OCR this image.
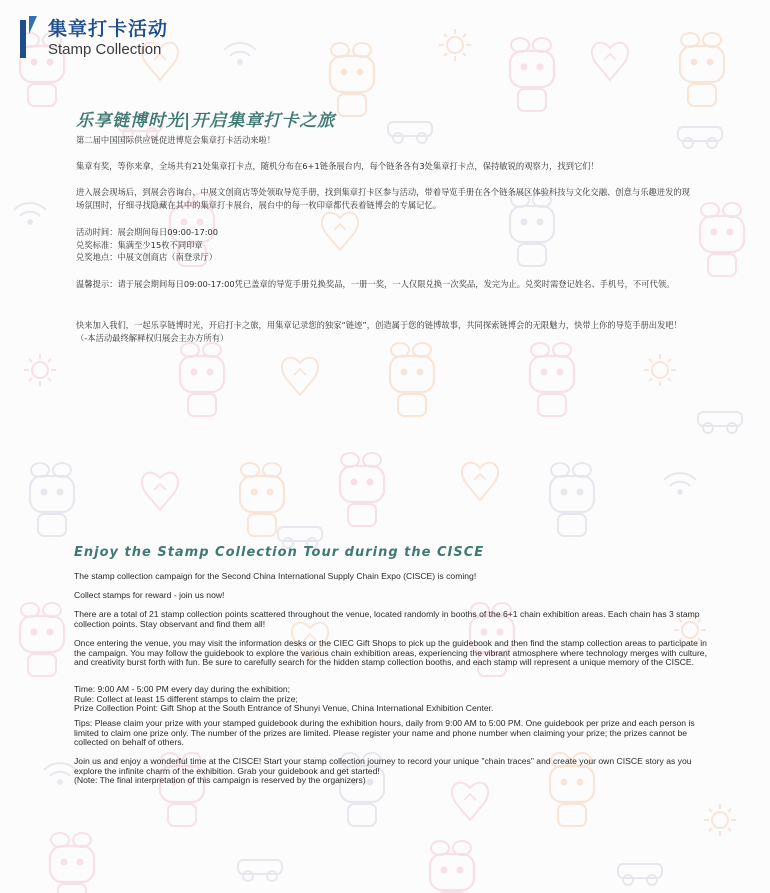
集章打卡活动
Stamp Collection
乐享链博时光|开启集章打卡之旅

第二届中国国际供应链促进博览会集章打卡活动来啦！

集章有奖，等你来拿，全场共有21处集章打卡点，随机分布在6+1链条展台内，每个链条各有3处集章打卡点，保持敏锐的观察力，找到它们！

进入展会现场后，到展会咨询台、中展文创商店等处领取导览手册，找到集章打卡区参与活动，带着导览手册在各个链条展区体验科技与文化交融、创意与乐趣迸发的现场氛围时，仔细寻找隐藏在其中的集章打卡展台，展台中的每一枚印章都代表着链博会的专属记忆。

活动时间：展会期间每日09:00-17:00

兑奖标准：集满至少15枚不同印章

兑奖地点：中展文创商店（南登录厅）

温馨提示：请于展会期间每日09:00-17:00凭已盖章的导览手册兑换奖品，一册一奖，一人仅限兑换一次奖品，发完为止。兑奖时需登记姓名、手机号，不可代领。

快来加入我们，一起乐享链博时光，开启打卡之旅，用集章记录您的独家“链迹”，创造属于您的链博故事，共同探索链博会的无限魅力，快带上你的导览手册出发吧！

（-本活动最终解释权归展会主办方所有）

Enjoy the Stamp Collection Tour during the CISCE

The stamp collection campaign for the Second China International Supply Chain Expo (CISCE) is coming!

Collect stamps for reward - join us now!

There are a total of 21 stamp collection points scattered throughout the venue, located randomly in booths of the 6+1 chain exhibition areas. Each chain has 3 stamp collection points. Stay observant and find them all!

Once entering the venue, you may visit the information desks or the CIEC Gift Shops to pick up the guidebook and then find the stamp collection areas to participate in the campaign. You may follow the guidebook to explore the various chain exhibition areas, experiencing the vibrant atmosphere where technology merges with culture, and creativity burst forth with fun. Be sure to carefully search for the hidden stamp collection booths, and each stamp will represent a unique memory of the CISCE.

Time: 9:00 AM - 5:00 PM every day during the exhibition;

Rule: Collect at least 15 different stamps to claim the prize;

Prize Collection Point: Gift Shop at the South Entrance of Shunyi Venue, China International Exhibition Center.

Tips: Please claim your prize with your stamped guidebook during the exhibition hours, daily from 9:00 AM to 5:00 PM. One guidebook per prize and each person is limited to claim one prize only. The number of the prizes are limited. Please register your name and phone number when claiming your prize; the prizes cannot be collected on behalf of others.

Join us and enjoy a wonderful time at the CISCE! Start your stamp collection journey to record your unique "chain traces" and create your own CISCE story as you explore the infinite charm of the exhibition. Grab your guidebook and get started!

(Note: The final interpretation of this campaign is reserved by the organizers)
